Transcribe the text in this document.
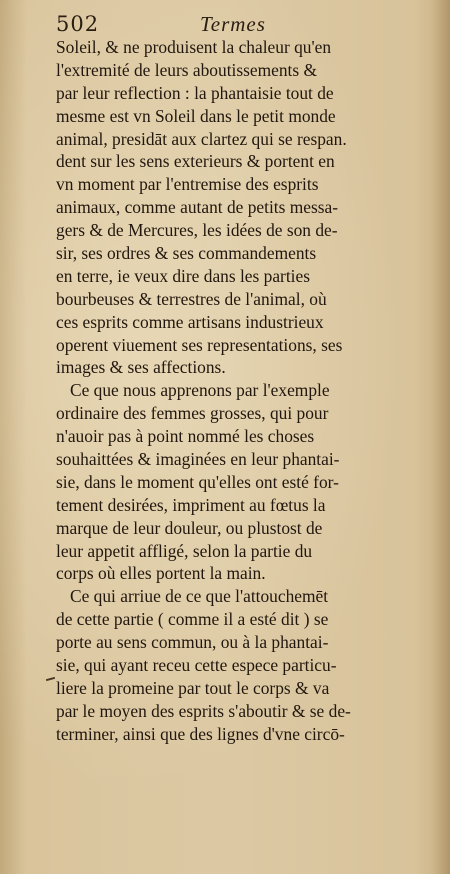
502	Termes
Soleil, & ne produisent la chaleur qu'en
l'extremité de leurs aboutissements &
par leur reflection : la phantaisie tout de
mesme est vn Soleil dans le petit monde
animal, presidāt aux clartez qui se respan.
dent sur les sens exterieurs & portent en
vn moment par l'entremise des esprits
animaux, comme autant de petits messa-
gers & de Mercures, les idées de son de-
sir, ses ordres & ses commandements
en terre, ie veux dire dans les parties
bourbeuses & terrestres de l'animal, où
ces esprits comme artisans industrieux
operent viuement ses representations, ses
images & ses affections.
Ce que nous apprenons par l'exemple
ordinaire des femmes grosses, qui pour
n'auoir pas à point nommé les choses
souhaittées & imaginées en leur phantai-
sie, dans le moment qu'elles ont esté for-
tement desirées, impriment au fœtus la
marque de leur douleur, ou plustost de
leur appetit affligé, selon la partie du
corps où elles portent la main.
Ce qui arriue de ce que l'attouchemēt
de cette partie ( comme il a esté dit ) se
porte au sens commun, ou à la phantai-
sie, qui ayant receu cette espece particu-
liere la promeine par tout le corps & va
par le moyen des esprits s'aboutir & se de-
terminer, ainsi que des lignes d'vne circō-
